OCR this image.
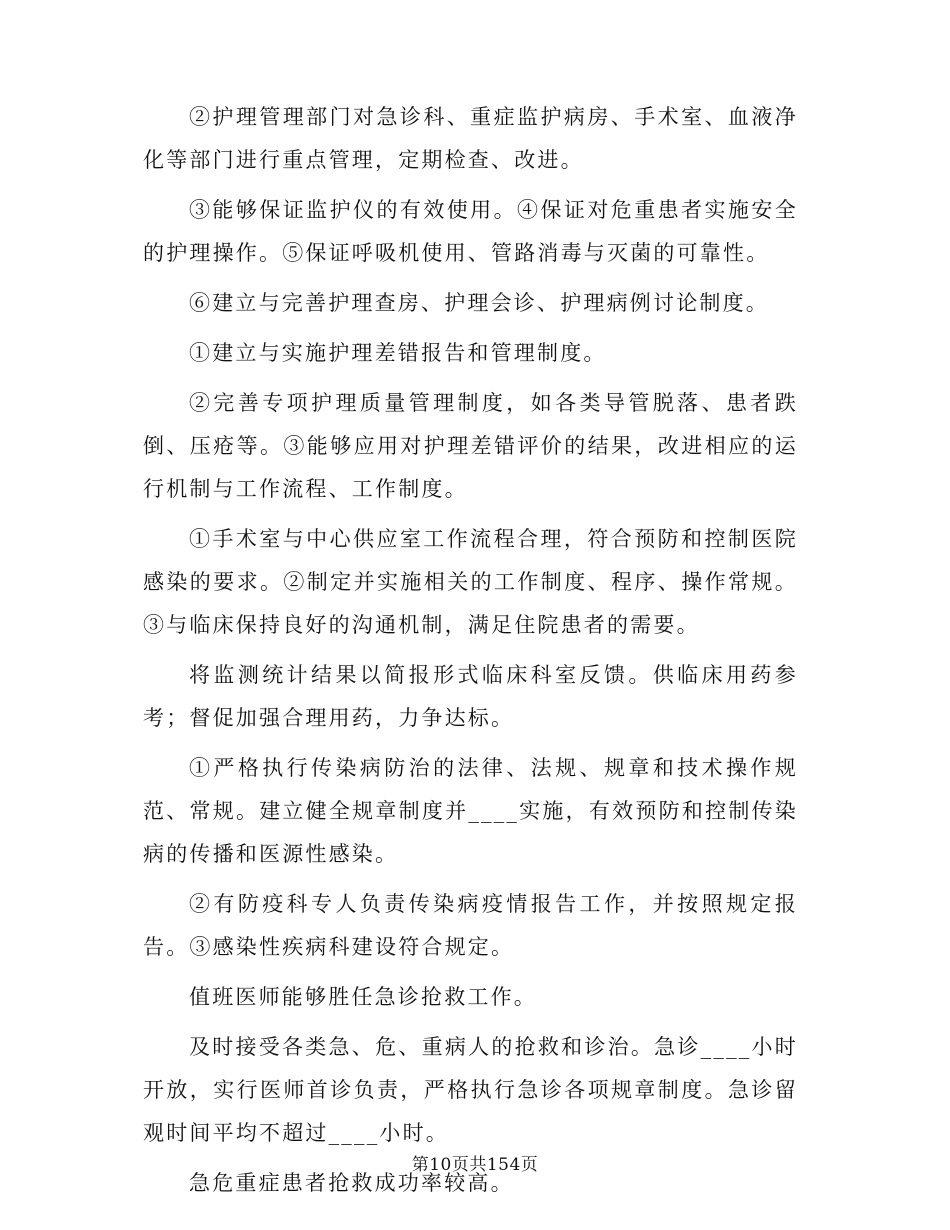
②护理管理部门对急诊科、重症监护病房、手术室、血液净化等部门进行重点管理，定期检查、改进。

③能够保证监护仪的有效使用。④保证对危重患者实施安全的护理操作。⑤保证呼吸机使用、管路消毒与灭菌的可靠性。

⑥建立与完善护理查房、护理会诊、护理病例讨论制度。

①建立与实施护理差错报告和管理制度。

②完善专项护理质量管理制度，如各类导管脱落、患者跌倒、压疮等。③能够应用对护理差错评价的结果，改进相应的运行机制与工作流程、工作制度。

①手术室与中心供应室工作流程合理，符合预防和控制医院感染的要求。②制定并实施相关的工作制度、程序、操作常规。③与临床保持良好的沟通机制，满足住院患者的需要。

将监测统计结果以简报形式临床科室反馈。供临床用药参考；督促加强合理用药，力争达标。

①严格执行传染病防治的法律、法规、规章和技术操作规范、常规。建立健全规章制度并____实施，有效预防和控制传染病的传播和医源性感染。

②有防疫科专人负责传染病疫情报告工作，并按照规定报告。③感染性疾病科建设符合规定。

值班医师能够胜任急诊抢救工作。

及时接受各类急、危、重病人的抢救和诊治。急诊____小时开放，实行医师首诊负责，严格执行急诊各项规章制度。急诊留观时间平均不超过____小时。

急危重症患者抢救成功率较高。

第10页共154页
